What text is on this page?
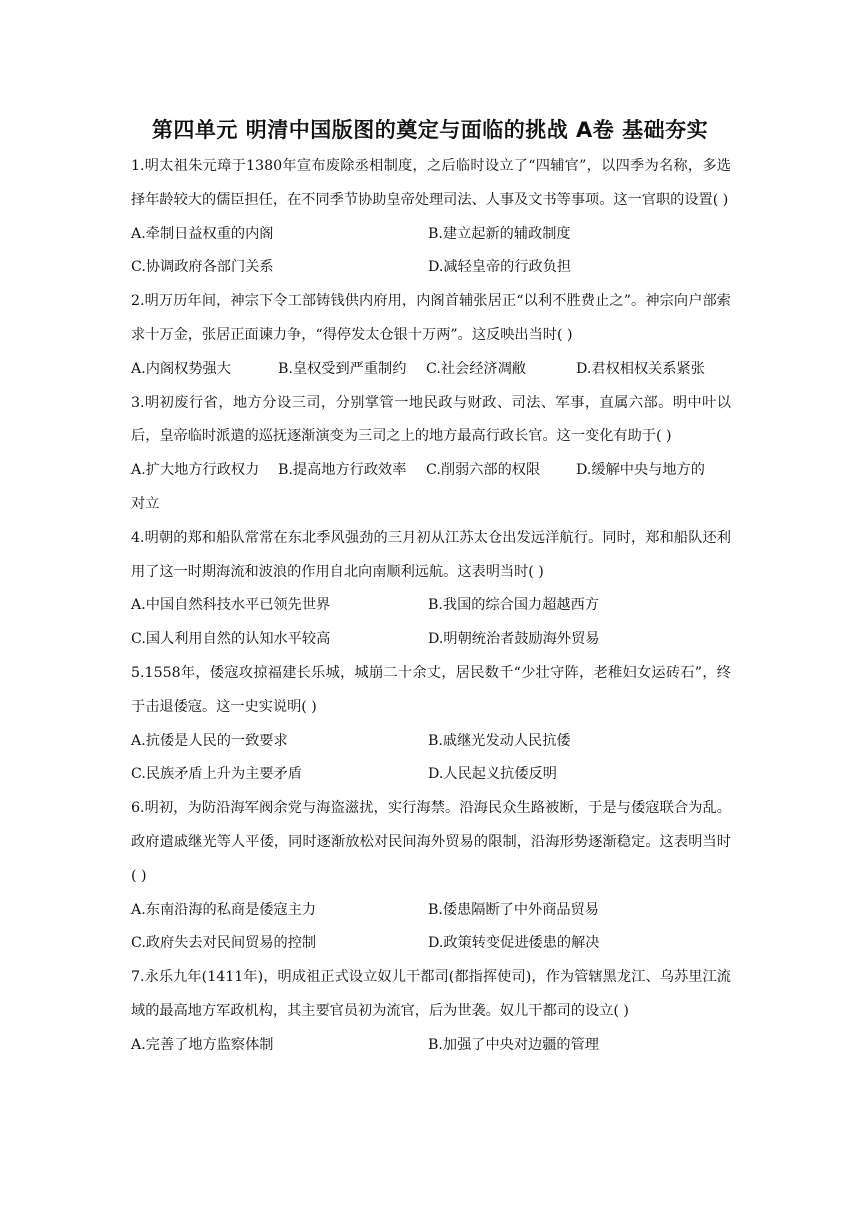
第四单元 明清中国版图的奠定与面临的挑战 A卷 基础夯实
1.明太祖朱元璋于1380年宣布废除丞相制度，之后临时设立了“四辅官”，以四季为名称，多选择年龄较大的儒臣担任，在不同季节协助皇帝处理司法、人事及文书等事项。这一官职的设置( )
A.牵制日益权重的内阁	B.建立起新的辅政制度
C.协调政府各部门关系	D.减轻皇帝的行政负担
2.明万历年间，神宗下令工部铸钱供内府用，内阁首辅张居正“以利不胜费止之”。神宗向户部索求十万金，张居正面谏力争，“得停发太仓银十万两”。这反映出当时( )
A.内阁权势强大	B.皇权受到严重制约	C.社会经济凋敝	D.君权相权关系紧张
3.明初废行省，地方分设三司，分别掌管一地民政与财政、司法、军事，直属六部。明中叶以后，皇帝临时派遣的巡抚逐渐演变为三司之上的地方最高行政长官。这一变化有助于( )
A.扩大地方行政权力	B.提高地方行政效率	C.削弱六部的权限	D.缓解中央与地方的
对立
4.明朝的郑和船队常常在东北季风强劲的三月初从江苏太仓出发远洋航行。同时，郑和船队还利用了这一时期海流和波浪的作用自北向南顺利远航。这表明当时( )
A.中国自然科技水平已领先世界	B.我国的综合国力超越西方
C.国人利用自然的认知水平较高	D.明朝统治者鼓励海外贸易
5.1558年，倭寇攻掠福建长乐城，城崩二十余丈，居民数千“少壮守阵，老稚妇女运砖石”，终于击退倭寇。这一史实说明( )
A.抗倭是人民的一致要求	B.戚继光发动人民抗倭
C.民族矛盾上升为主要矛盾	D.人民起义抗倭反明
6.明初，为防沿海军阀余党与海盗滋扰，实行海禁。沿海民众生路被断，于是与倭寇联合为乱。政府遣戚继光等人平倭，同时逐渐放松对民间海外贸易的限制，沿海形势逐渐稳定。这表明当时( )
A.东南沿海的私商是倭寇主力	B.倭患隔断了中外商品贸易
C.政府失去对民间贸易的控制	D.政策转变促进倭患的解决
7.永乐九年(1411年)，明成祖正式设立奴儿干都司(都指挥使司)，作为管辖黑龙江、乌苏里江流域的最高地方军政机构，其主要官员初为流官，后为世袭。奴儿干都司的设立( )
A.完善了地方监察体制	B.加强了中央对边疆的管理
